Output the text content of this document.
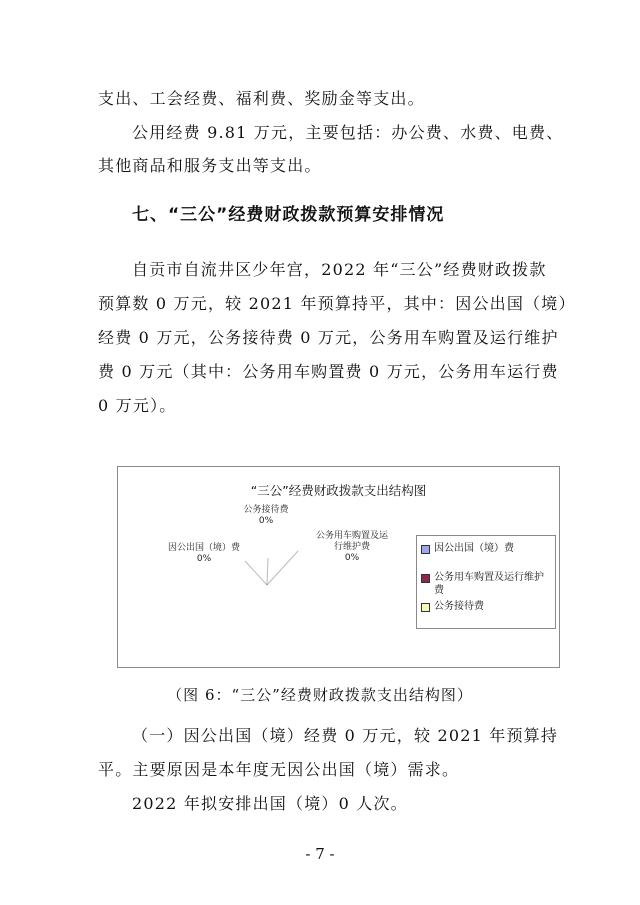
支出、工会经费、福利费、奖励金等支出。
公用经费 9.81 万元，主要包括：办公费、水费、电费、
其他商品和服务支出等支出。
七、“三公”经费财政拨款预算安排情况
自贡市自流井区少年宫，2022 年“三公”经费财政拨款
预算数 0 万元，较 2021 年预算持平，其中：因公出国（境）
经费 0 万元，公务接待费 0 万元，公务用车购置及运行维护
费 0 万元（其中：公务用车购置费 0 万元，公务用车运行费
0 万元）。
“三公”经费财政拨款支出结构图
公务接待费
0%
公务用车购置及运
行维护费
0%
因公出国（境）费
0%
因公出国（境）费
公务用车购置及运行维护
费
公务接待费
（图 6：“三公”经费财政拨款支出结构图）
（一）因公出国（境）经费 0 万元，较 2021 年预算持
平。主要原因是本年度无因公出国（境）需求。
2022 年拟安排出国（境）0 人次。
- 7 -
